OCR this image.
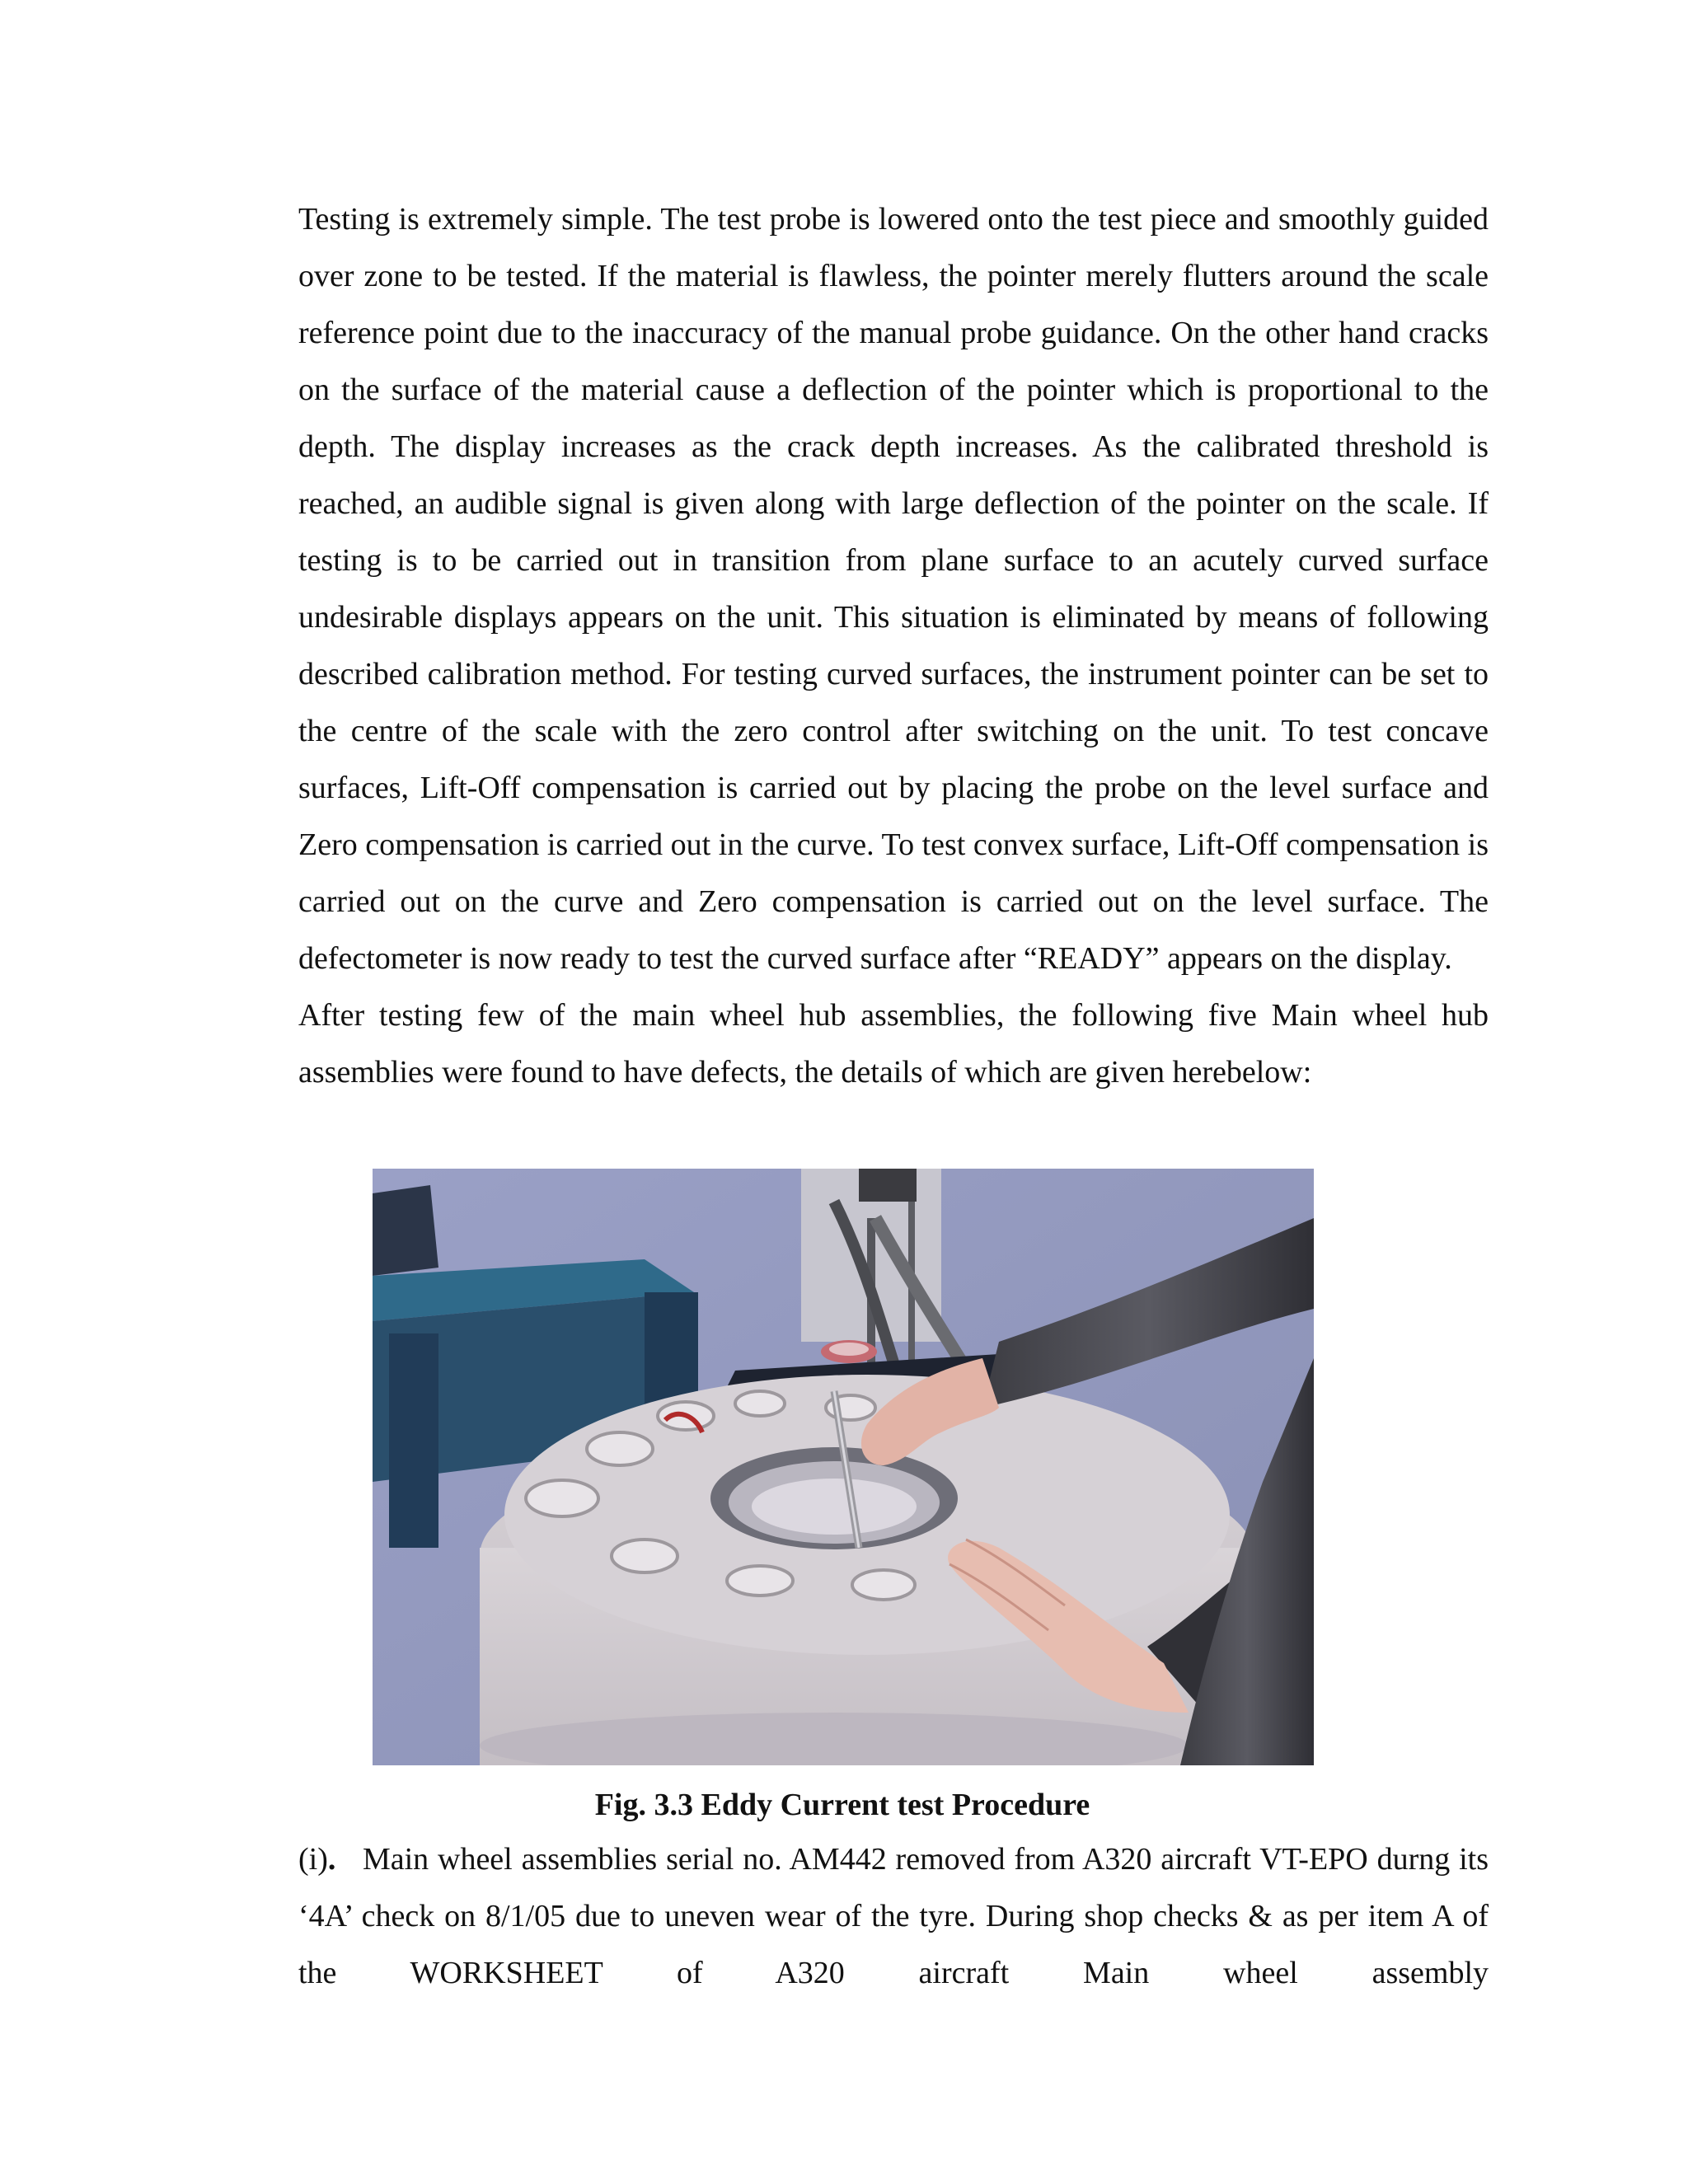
Testing is extremely simple. The test probe is lowered onto the test piece and smoothly guided over zone to be tested. If the material is flawless, the pointer merely flutters around the scale reference point due to the inaccuracy of the manual probe guidance. On the other hand cracks on the surface of the material cause a deflection of the pointer which is proportional to the depth. The display increases as the crack depth increases. As the calibrated threshold is reached, an audible signal is given along with large deflection of the pointer on the scale. If testing is to be carried out in transition from plane surface to an acutely curved surface undesirable displays appears on the unit. This situation is eliminated by means of following described calibration method. For testing curved surfaces, the instrument pointer can be set to the centre of the scale with the zero control after switching on the unit. To test concave surfaces, Lift-Off compensation is carried out by placing the probe on the level surface and Zero compensation is carried out in the curve. To test convex surface, Lift-Off compensation is carried out on the curve and Zero compensation is carried out on the level surface. The defectometer is now ready to test the curved surface after “READY” appears on the display.

After testing few of the main wheel hub assemblies, the following five Main wheel hub assemblies were found to have defects, the details of which are given herebelow:

Fig. 3.3 Eddy Current test Procedure

(i). Main wheel assemblies serial no. AM442 removed from A320 aircraft VT-EPO durng its ‘4A’ check on 8/1/05 due to uneven wear of the tyre. During shop checks & as per item A of the WORKSHEET of A320 aircraft Main wheel assembly
